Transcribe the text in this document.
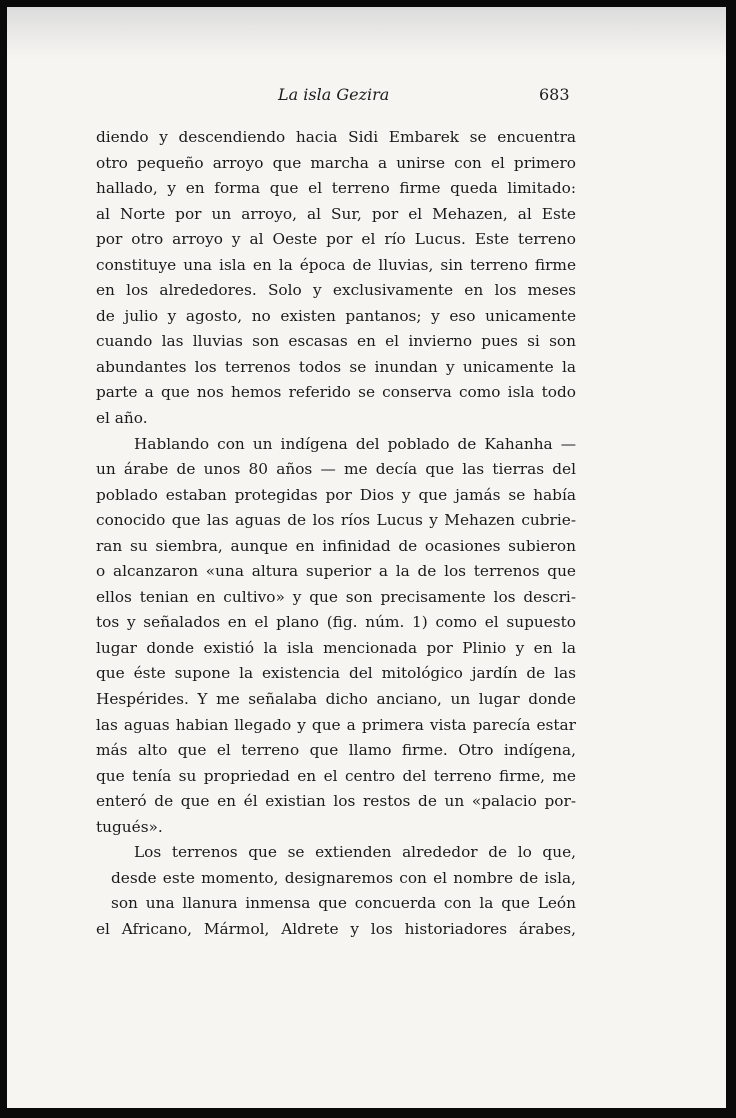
La isla Gezira	683
diendo y descendiendo hacia Sidi Embarek se encuentra
otro pequeño arroyo que marcha a unirse con el primero
hallado, y en forma que el terreno firme queda limitado:
al Norte por un arroyo, al Sur, por el Mehazen, al Este
por otro arroyo y al Oeste por el río Lucus. Este terreno
constituye una isla en la época de lluvias, sin terreno firme
en los alrededores. Solo y exclusivamente en los meses
de julio y agosto, no existen pantanos; y eso unicamente
cuando las lluvias son escasas en el invierno pues si son
abundantes los terrenos todos se inundan y unicamente la
parte a que nos hemos referido se conserva como isla todo
el año.
Hablando con un indígena del poblado de Kahanha —
un árabe de unos 80 años — me decía que las tierras del
poblado estaban protegidas por Dios y que jamás se había
conocido que las aguas de los ríos Lucus y Mehazen cubrie-
ran su siembra, aunque en infinidad de ocasiones subieron
o alcanzaron «una altura superior a la de los terrenos que
ellos tenian en cultivo» y que son precisamente los descri-
tos y señalados en el plano (fig. núm. 1) como el supuesto
lugar donde existió la isla mencionada por Plinio y en la
que éste supone la existencia del mitológico jardín de las
Hespérides. Y me señalaba dicho anciano, un lugar donde
las aguas habian llegado y que a primera vista parecía estar
más alto que el terreno que llamo firme. Otro indígena,
que tenía su propriedad en el centro del terreno firme, me
enteró de que en él existian los restos de un «palacio por-
tugués».
Los terrenos que se extienden alrededor de lo que,
desde este momento, designaremos con el nombre de isla,
son una llanura inmensa que concuerda con la que León
el Africano, Mármol, Aldrete y los historiadores árabes,
